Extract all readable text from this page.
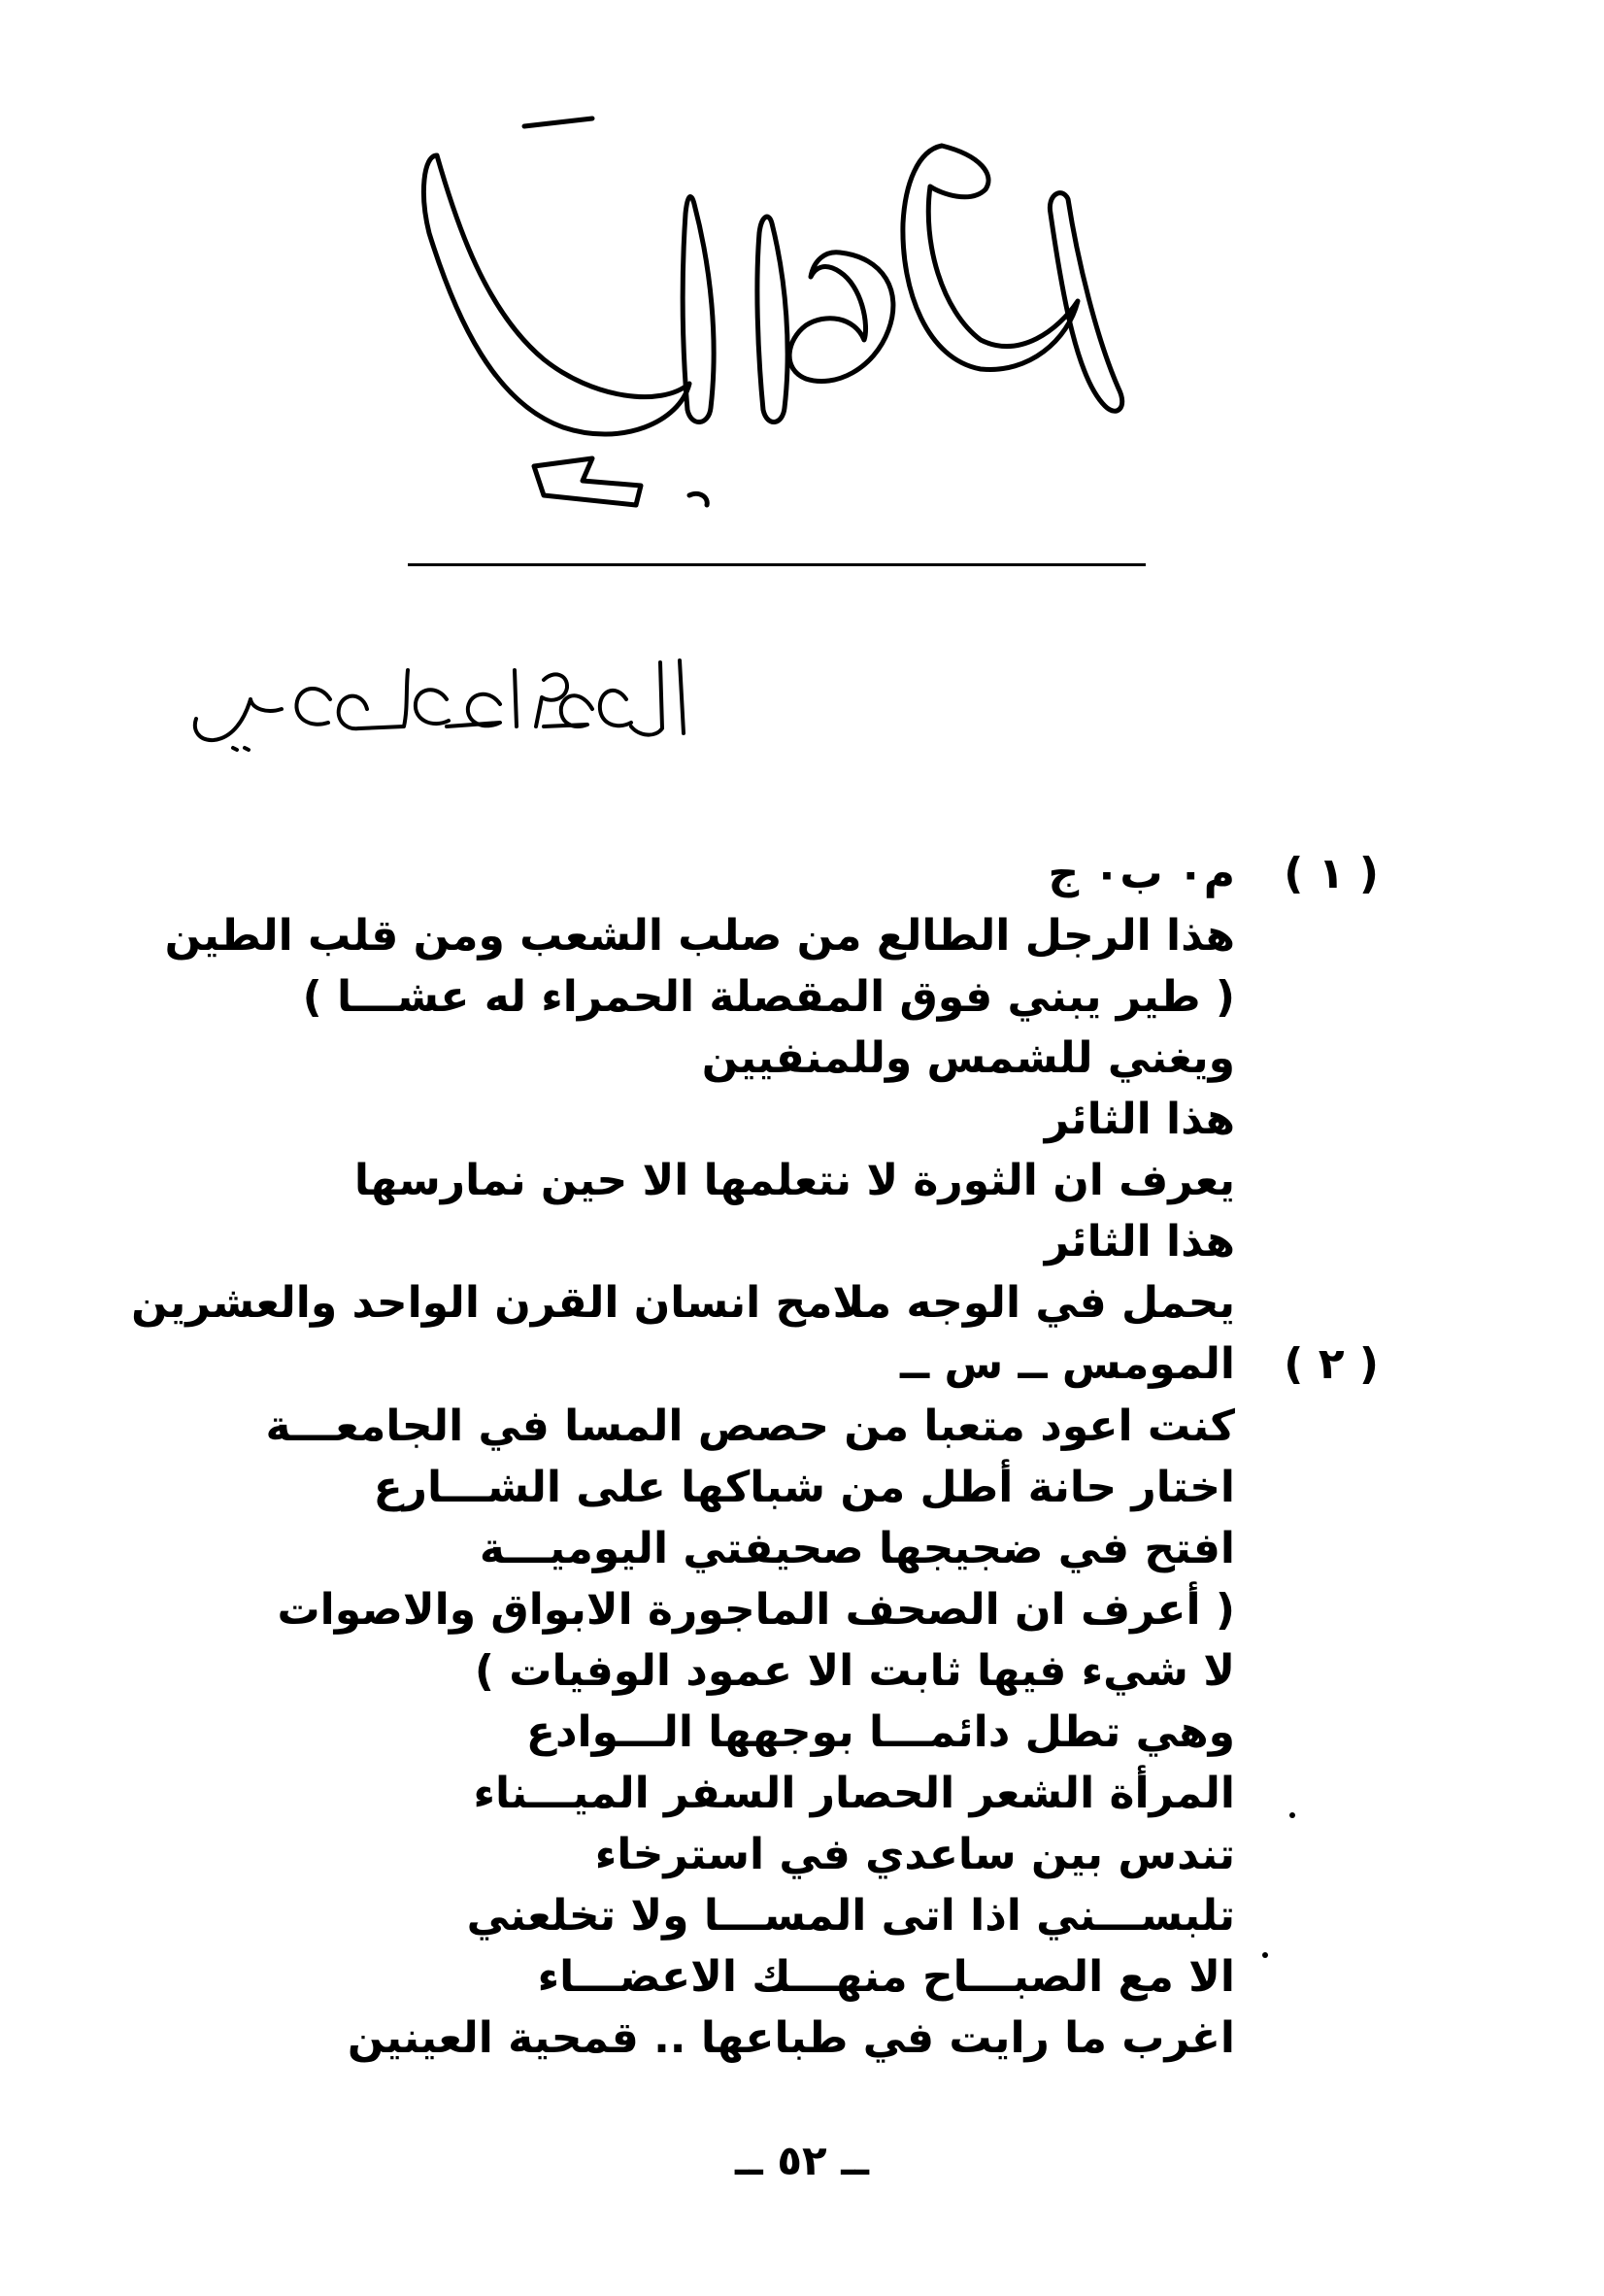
( ١ )
م٠ ب٠ ج
هذا الرجل الطالع من صلب الشعب ومن قلب الطين
( طير يبني فوق المقصلة الحمراء له عشـــا )
ويغني للشمس وللمنفيين
هذا الثائر
يعرف ان الثورة لا نتعلمها الا حين نمارسها
هذا الثائر
يحمل في الوجه ملامح انسان القرن الواحد والعشرين
( ٢ )
المومس ــ س ــ
كنت اعود متعبا من حصص المسا في الجامعـــة
اختار حانة أطل من شباكها على الشـــارع
افتح في ضجيجها صحيفتي اليوميـــة
( أعرف ان الصحف الماجورة الابواق والاصوات
لا شيء فيها ثابت الا عمود الوفيات )
وهي تطل دائمـــا بوجهها الـــوادع
المرأة الشعر الحصار السفر الميـــناء
تندس بين ساعدي في استرخاء
تلبســـني اذا اتى المســـا ولا تخلعني
الا مع الصبـــاح منهـــك الاعضـــاء
اغرب ما رايت في طباعها .. قمحية العينين
ــ ٥٢ ــ
